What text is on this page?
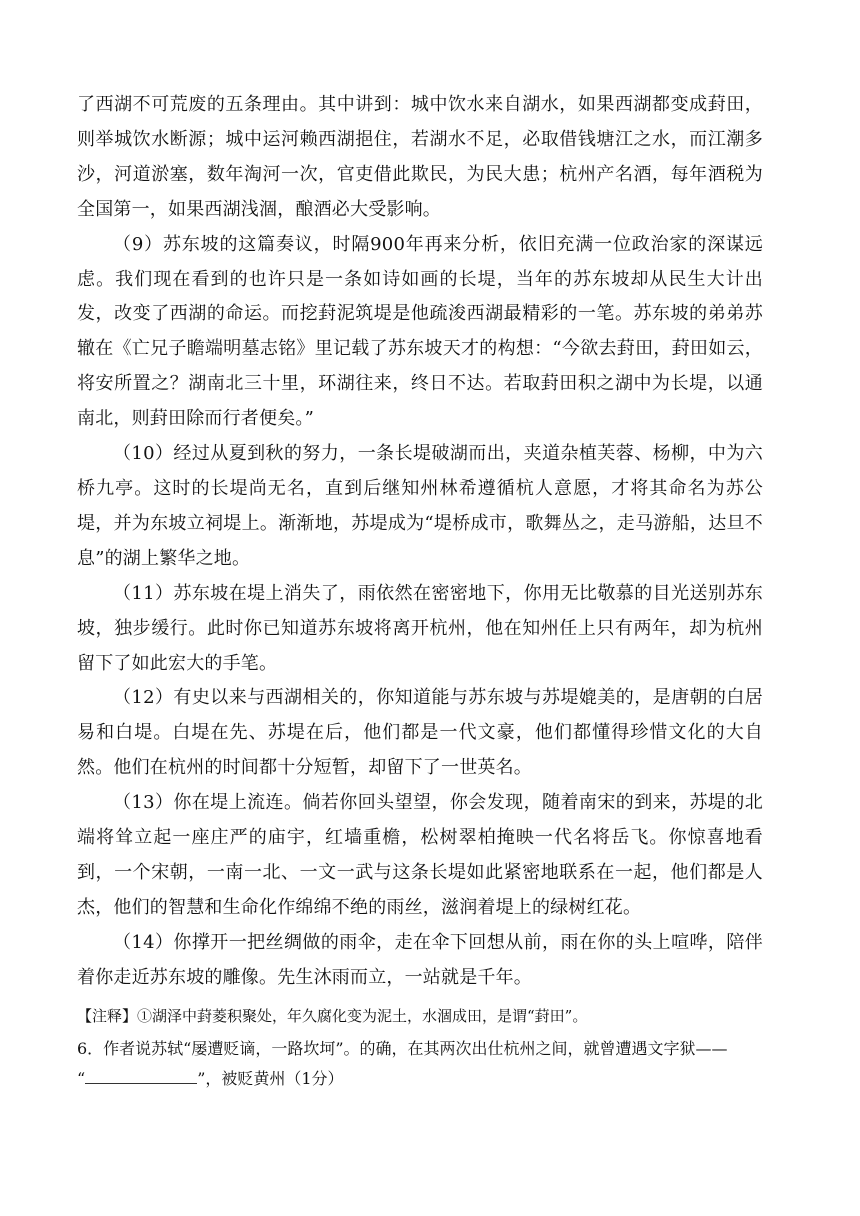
了西湖不可荒废的五条理由。其中讲到：城中饮水来自湖水，如果西湖都变成葑田，则举城饮水断源；城中运河赖西湖挹住，若湖水不足，必取借钱塘江之水，而江潮多沙，河道淤塞，数年淘河一次，官吏借此欺民，为民大患；杭州产名酒，每年酒税为全国第一，如果西湖浅涸，酿酒必大受影响。

（9）苏东坡的这篇奏议，时隔900年再来分析，依旧充满一位政治家的深谋远虑。我们现在看到的也许只是一条如诗如画的长堤，当年的苏东坡却从民生大计出发，改变了西湖的命运。而挖葑泥筑堤是他疏浚西湖最精彩的一笔。苏东坡的弟弟苏辙在《亡兄子瞻端明墓志铭》里记载了苏东坡天才的构想：“今欲去葑田，葑田如云，将安所置之？湖南北三十里，环湖往来，终日不达。若取葑田积之湖中为长堤，以通南北，则葑田除而行者便矣。”

（10）经过从夏到秋的努力，一条长堤破湖而出，夹道杂植芙蓉、杨柳，中为六桥九亭。这时的长堤尚无名，直到后继知州林希遵循杭人意愿，才将其命名为苏公堤，并为东坡立祠堤上。渐渐地，苏堤成为“堤桥成市，歌舞丛之，走马游船，达旦不息”的湖上繁华之地。

（11）苏东坡在堤上消失了，雨依然在密密地下，你用无比敬慕的目光送别苏东坡，独步缓行。此时你已知道苏东坡将离开杭州，他在知州任上只有两年，却为杭州留下了如此宏大的手笔。

（12）有史以来与西湖相关的，你知道能与苏东坡与苏堤媲美的，是唐朝的白居易和白堤。白堤在先、苏堤在后，他们都是一代文豪，他们都懂得珍惜文化的大自然。他们在杭州的时间都十分短暂，却留下了一世英名。

（13）你在堤上流连。倘若你回头望望，你会发现，随着南宋的到来，苏堤的北端将耸立起一座庄严的庙宇，红墙重檐，松树翠柏掩映一代名将岳飞。你惊喜地看到，一个宋朝，一南一北、一文一武与这条长堤如此紧密地联系在一起，他们都是人杰，他们的智慧和生命化作绵绵不绝的雨丝，滋润着堤上的绿树红花。

（14）你撑开一把丝绸做的雨伞，走在伞下回想从前，雨在你的头上喧哗，陪伴着你走近苏东坡的雕像。先生沐雨而立，一站就是千年。

【注释】①湖泽中葑菱积聚处，年久腐化变为泥土，水涸成田，是谓“葑田”。

6．作者说苏轼“屡遭贬谪，一路坎坷”。的确，在其两次出仕杭州之间，就曾遭遇文字狱——

“	”，被贬黄州（1分）
